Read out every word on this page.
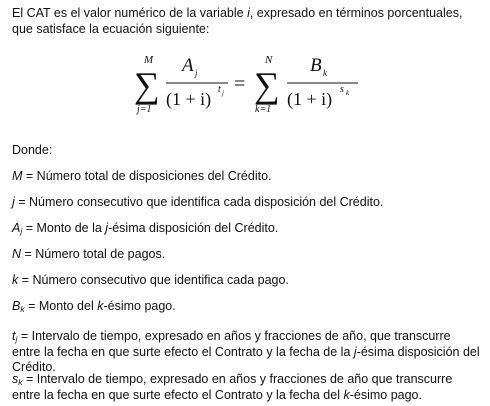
El CAT es el valor numérico de la variable i, expresado en términos porcentuales, que satisface la ecuación siguiente:

M
∑
j=1
A j
(1 + i) t j =
N
∑
k=1
B k
(1 + i) s k

Donde:

M = Número total de disposiciones del Crédito.

j = Número consecutivo que identifica cada disposición del Crédito.

$A_j$ = Monto de la j-ésima disposición del Crédito.

N = Número total de pagos.

k = Número consecutivo que identifica cada pago.

$B_k$ = Monto del k-ésimo pago.

$t_j$ = Intervalo de tiempo, expresado en años y fracciones de año, que transcurre entre la fecha en que surte efecto el Contrato y la fecha de la j-ésima disposición del Crédito.

$s_k$ = Intervalo de tiempo, expresado en años y fracciones de año que transcurre entre la fecha en que surte efecto el Contrato y la fecha del k-ésimo pago.
